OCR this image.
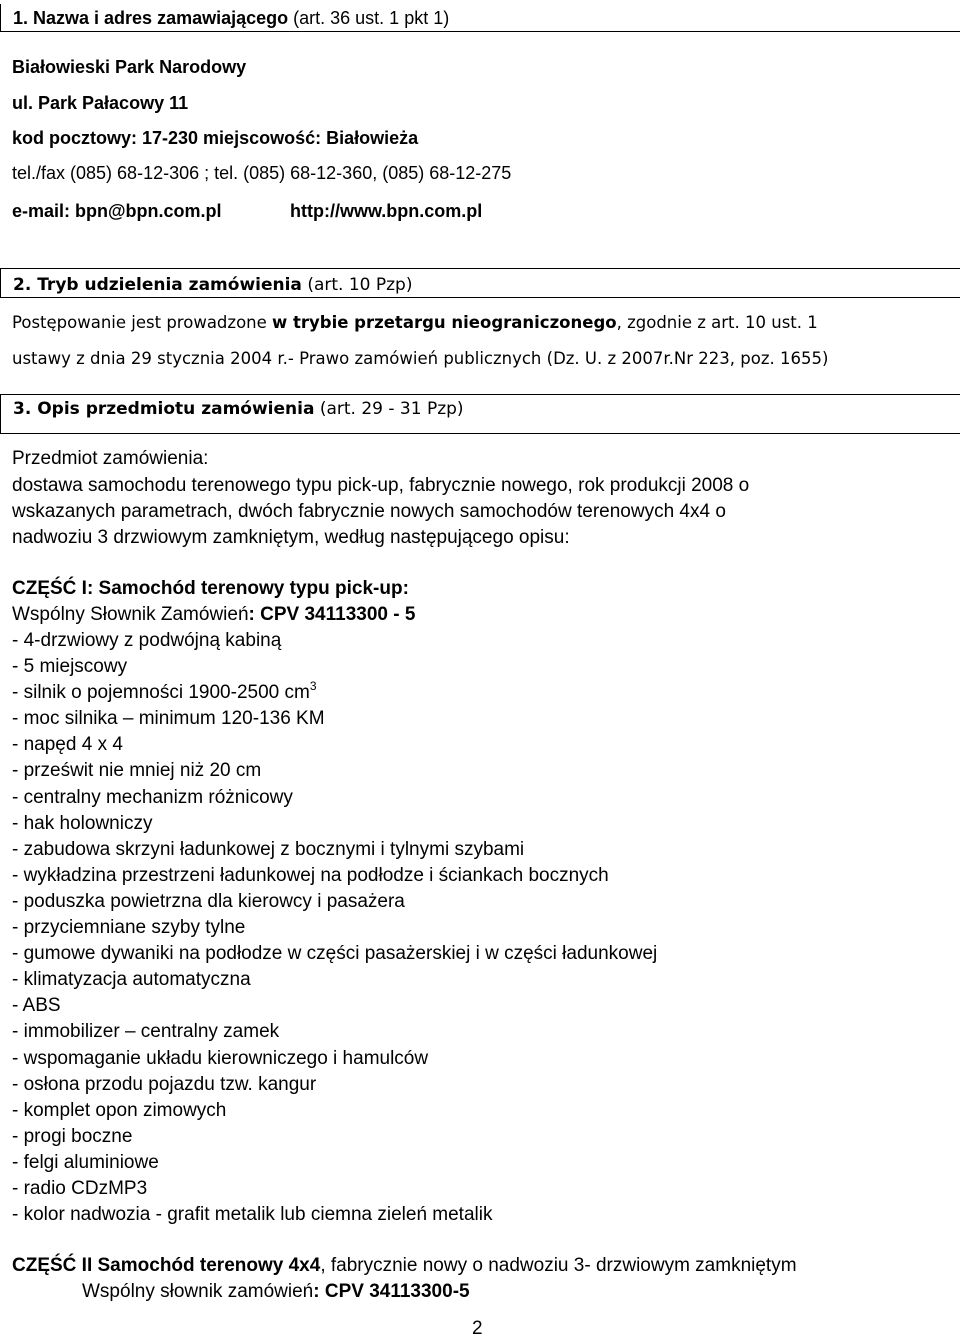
1. Nazwa i adres zamawiającego (art. 36 ust. 1 pkt 1)
Białowieski Park Narodowy
ul. Park Pałacowy 11
kod pocztowy: 17-230 miejscowość: Białowieża
tel./fax (085) 68-12-306 ; tel. (085) 68-12-360, (085) 68-12-275
e-mail: bpn@bpn.com.pl	http://www.bpn.com.pl
2. Tryb udzielenia zamówienia (art. 10 Pzp)
Postępowanie jest prowadzone w trybie przetargu nieograniczonego, zgodnie z art. 10 ust. 1
ustawy z dnia 29 stycznia 2004 r.- Prawo zamówień publicznych (Dz. U. z 2007r.Nr 223, poz. 1655)
3. Opis przedmiotu zamówienia (art. 29 - 31 Pzp)
Przedmiot zamówienia:
dostawa samochodu terenowego typu pick-up, fabrycznie nowego, rok produkcji 2008 o
wskazanych parametrach, dwóch fabrycznie nowych samochodów terenowych 4x4 o
nadwoziu 3 drzwiowym zamkniętym, według następującego opisu:
CZĘŚĆ I: Samochód terenowy typu pick-up:
Wspólny Słownik Zamówień: CPV 34113300 - 5
- 4-drzwiowy z podwójną kabiną
- 5 miejscowy
- silnik o pojemności 1900-2500 $cm^3$
- moc silnika – minimum 120-136 KM
- napęd 4 x 4
- prześwit nie mniej niż 20 cm
- centralny mechanizm różnicowy
- hak holowniczy
- zabudowa skrzyni ładunkowej z bocznymi i tylnymi szybami
- wykładzina przestrzeni ładunkowej na podłodze i ściankach bocznych
- poduszka powietrzna dla kierowcy i pasażera
- przyciemniane szyby tylne
- gumowe dywaniki na podłodze w części pasażerskiej i w części ładunkowej
- klimatyzacja automatyczna
- ABS
- immobilizer – centralny zamek
- wspomaganie układu kierowniczego i hamulców
- osłona przodu pojazdu tzw. kangur
- komplet opon zimowych
- progi boczne
- felgi aluminiowe
- radio CDzMP3
- kolor nadwozia - grafit metalik lub ciemna zieleń metalik
CZĘŚĆ II Samochód terenowy 4x4, fabrycznie nowy o nadwoziu 3- drzwiowym zamkniętym
Wspólny słownik zamówień: CPV 34113300-5
2
